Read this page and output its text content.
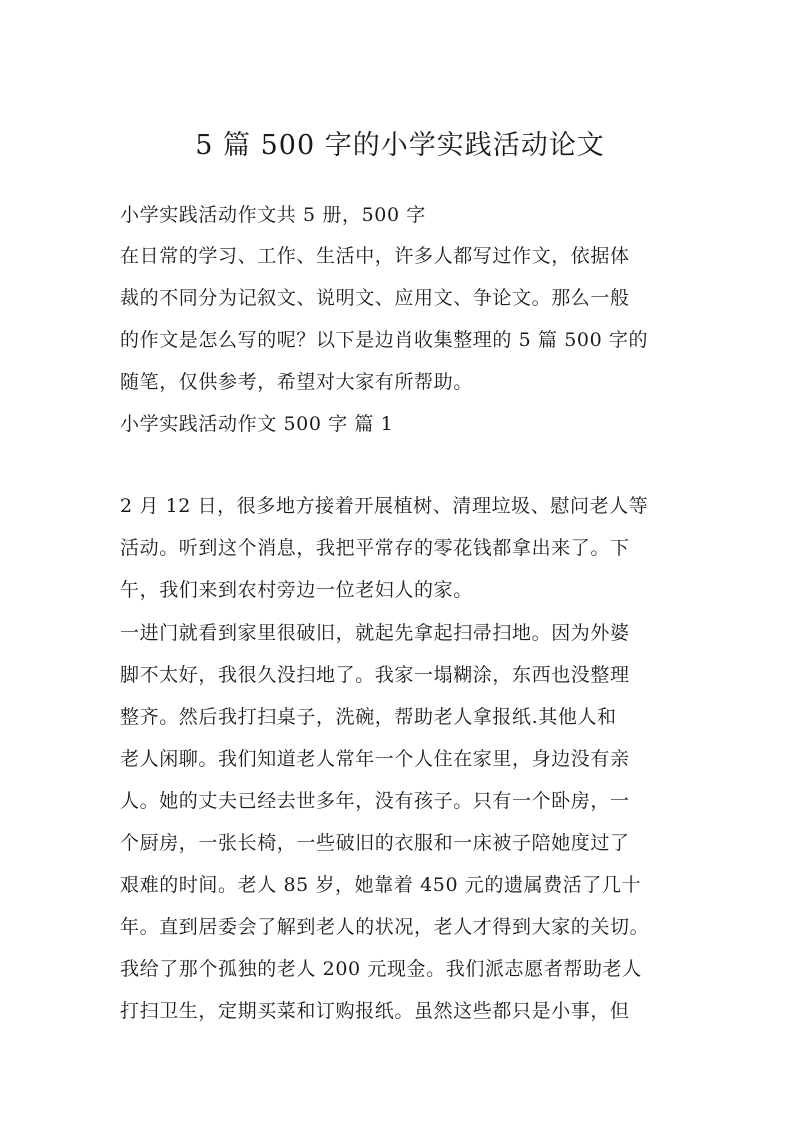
5 篇 500 字的小学实践活动论文
小学实践活动作文共 5 册，500 字
在日常的学习、工作、生活中，许多人都写过作文，依据体
裁的不同分为记叙文、说明文、应用文、争论文。那么一般
的作文是怎么写的呢？以下是边肖收集整理的 5 篇 500 字的
随笔，仅供参考，希望对大家有所帮助。
小学实践活动作文 500 字 篇 1
2 月 12 日，很多地方接着开展植树、清理垃圾、慰问老人等
活动。听到这个消息，我把平常存的零花钱都拿出来了。下
午，我们来到农村旁边一位老妇人的家。
一进门就看到家里很破旧，就起先拿起扫帚扫地。因为外婆
脚不太好，我很久没扫地了。我家一塌糊涂，东西也没整理
整齐。然后我打扫桌子，洗碗，帮助老人拿报纸.其他人和
老人闲聊。我们知道老人常年一个人住在家里，身边没有亲
人。她的丈夫已经去世多年，没有孩子。只有一个卧房，一
个厨房，一张长椅，一些破旧的衣服和一床被子陪她度过了
艰难的时间。老人 85 岁，她靠着 450 元的遗属费活了几十
年。直到居委会了解到老人的状况，老人才得到大家的关切。
我给了那个孤独的老人 200 元现金。我们派志愿者帮助老人
打扫卫生，定期买菜和订购报纸。虽然这些都只是小事，但
